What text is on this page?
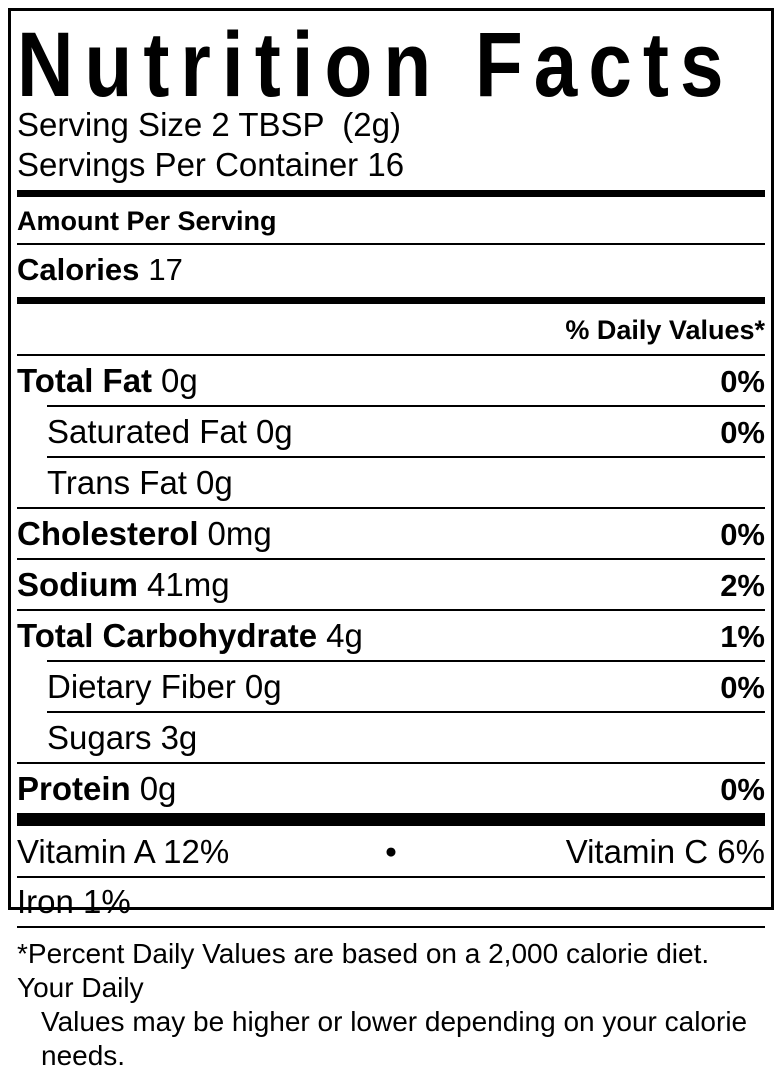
Nutrition Facts
Serving Size 2 TBSP  (2g)
Servings Per Container 16
Amount Per Serving
Calories 17
% Daily Values*
Total Fat 0g	0%
Saturated Fat 0g	0%
Trans Fat 0g
Cholesterol 0mg	0%
Sodium 41mg	2%
Total Carbohydrate 4g	1%
Dietary Fiber 0g	0%
Sugars 3g
Protein 0g	0%
Vitamin A 12%	●	Vitamin C 6%
Iron 1%
*Percent Daily Values are based on a 2,000 calorie diet. Your Daily
Values may be higher or lower depending on your calorie needs.
